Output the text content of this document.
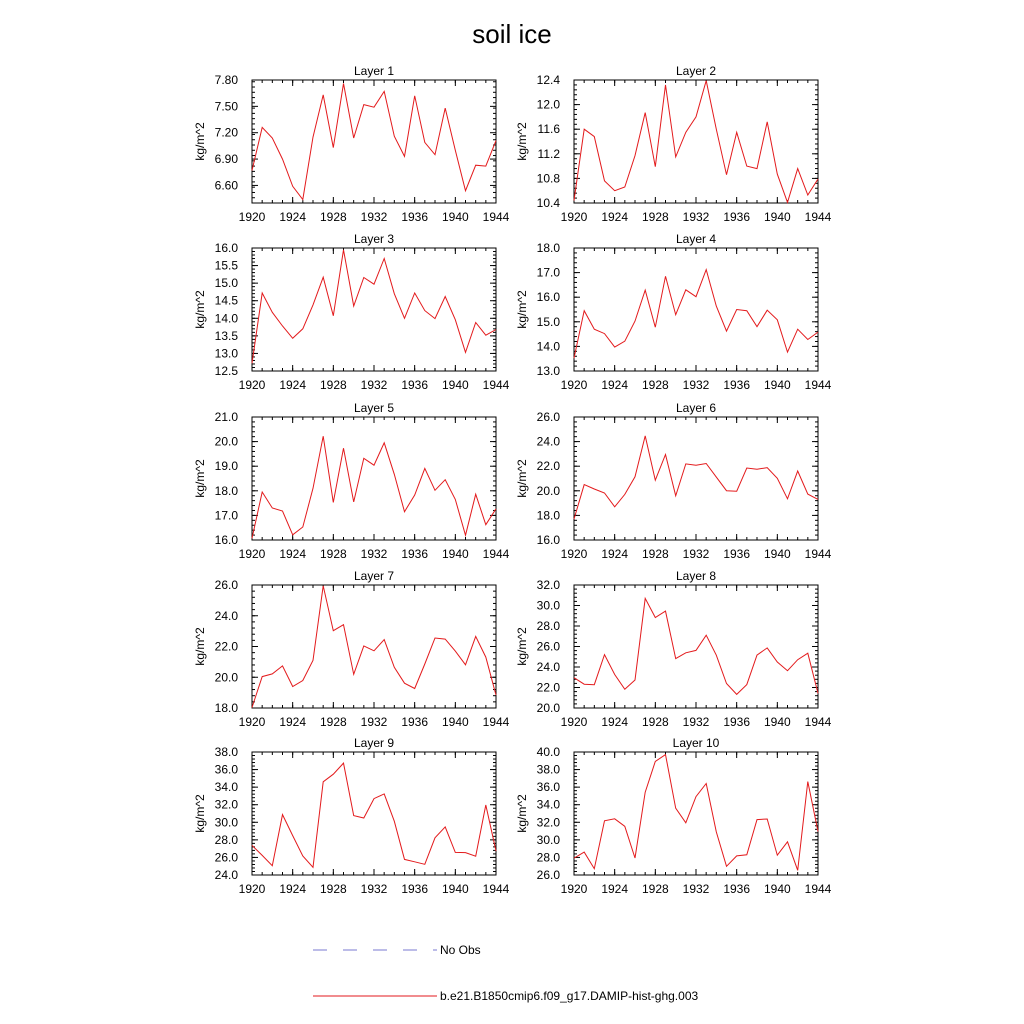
soil ice
Layer 1
1920 1924 1928 1932 1936 1940 1944
6.60
6.90
7.20
7.50
7.80
kg/m^2
Layer 2
1920 1924 1928 1932 1936 1940 1944
10.4
10.8
11.2
11.6
12.0
12.4
kg/m^2
Layer 3
1920 1924 1928 1932 1936 1940 1944
12.5
13.0
13.5
14.0
14.5
15.0
15.5
16.0
kg/m^2
Layer 4
1920 1924 1928 1932 1936 1940 1944
13.0
14.0
15.0
16.0
17.0
18.0
kg/m^2
Layer 5
1920 1924 1928 1932 1936 1940 1944
16.0
17.0
18.0
19.0
20.0
21.0
kg/m^2
Layer 6
1920 1924 1928 1932 1936 1940 1944
16.0
18.0
20.0
22.0
24.0
26.0
kg/m^2
Layer 7
1920 1924 1928 1932 1936 1940 1944
18.0
20.0
22.0
24.0
26.0
kg/m^2
Layer 8
1920 1924 1928 1932 1936 1940 1944
20.0
22.0
24.0
26.0
28.0
30.0
32.0
kg/m^2
Layer 9
1920 1924 1928 1932 1936 1940 1944
24.0
26.0
28.0
30.0
32.0
34.0
36.0
38.0
kg/m^2
Layer 10
1920 1924 1928 1932 1936 1940 1944
26.0
28.0
30.0
32.0
34.0
36.0
38.0
40.0
kg/m^2
No Obs
b.e21.B1850cmip6.f09_g17.DAMIP-hist-ghg.003
